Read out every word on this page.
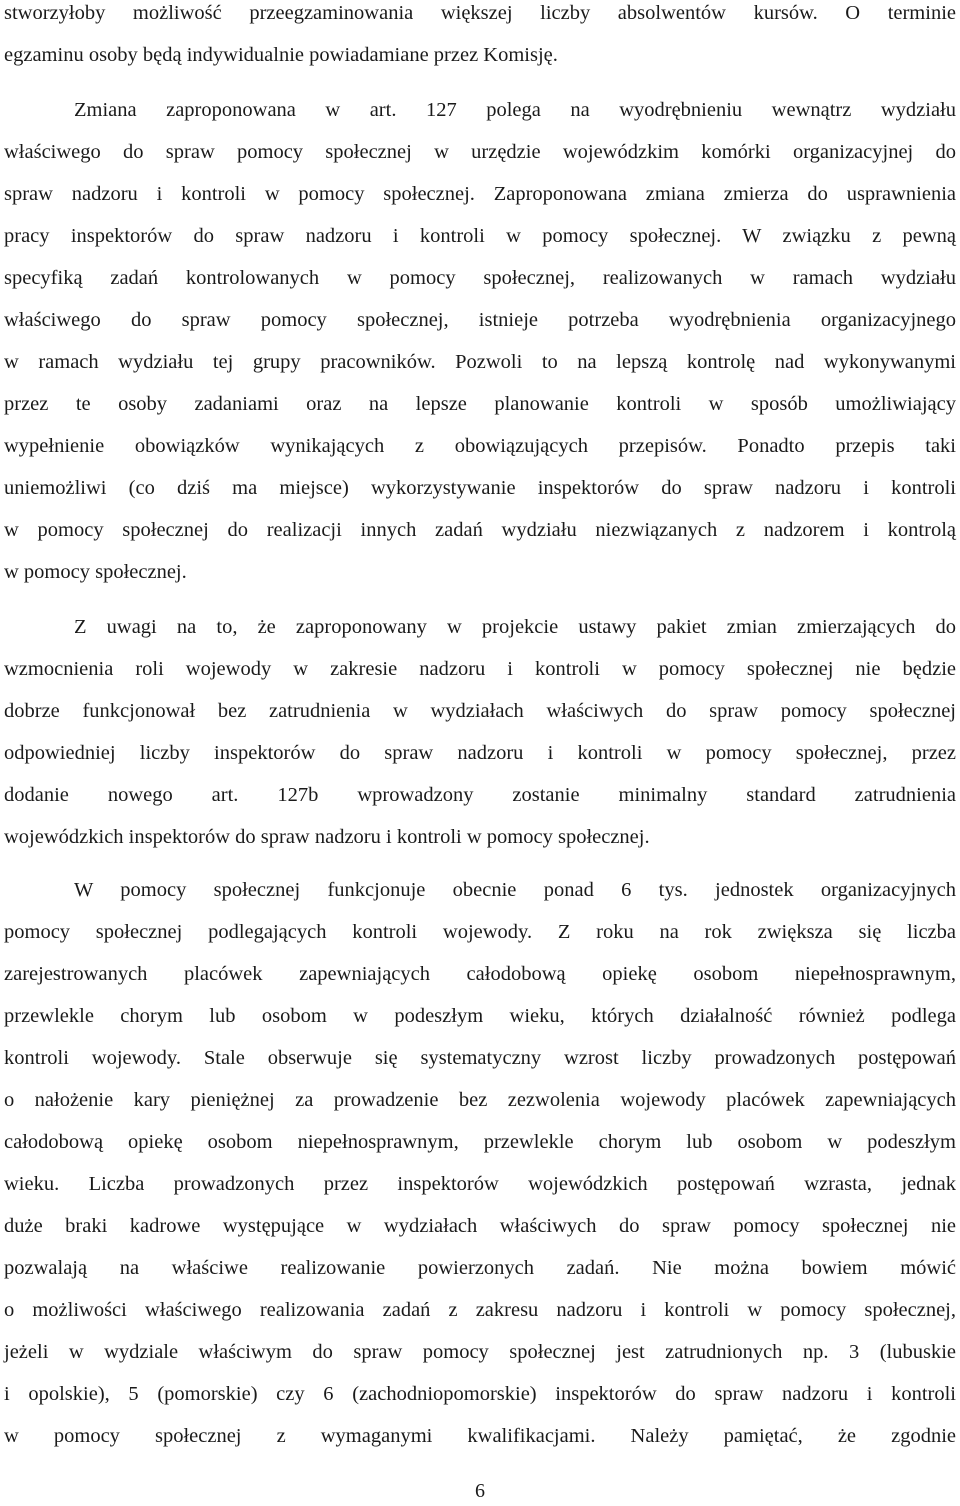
stworzyłoby możliwość przeegzaminowania większej liczby absolwentów kursów. O terminie
egzaminu osoby będą indywidualnie powiadamiane przez Komisję.
Zmiana zaproponowana w art. 127 polega na wyodrębnieniu wewnątrz wydziału
właściwego do spraw pomocy społecznej w urzędzie wojewódzkim komórki organizacyjnej do
spraw nadzoru i kontroli w pomocy społecznej. Zaproponowana zmiana zmierza do usprawnienia
pracy inspektorów do spraw nadzoru i kontroli w pomocy społecznej. W związku z pewną
specyfiką zadań kontrolowanych w pomocy społecznej, realizowanych w ramach wydziału
właściwego do spraw pomocy społecznej, istnieje potrzeba wyodrębnienia organizacyjnego
w ramach wydziału tej grupy pracowników. Pozwoli to na lepszą kontrolę nad wykonywanymi
przez te osoby zadaniami oraz na lepsze planowanie kontroli w sposób umożliwiający
wypełnienie obowiązków wynikających z obowiązujących przepisów. Ponadto przepis taki
uniemożliwi (co dziś ma miejsce) wykorzystywanie inspektorów do spraw nadzoru i kontroli
w pomocy społecznej do realizacji innych zadań wydziału niezwiązanych z nadzorem i kontrolą
w pomocy społecznej.
Z uwagi na to, że zaproponowany w projekcie ustawy pakiet zmian zmierzających do
wzmocnienia roli wojewody w zakresie nadzoru i kontroli w pomocy społecznej nie będzie
dobrze funkcjonował bez zatrudnienia w wydziałach właściwych do spraw pomocy społecznej
odpowiedniej liczby inspektorów do spraw nadzoru i kontroli w pomocy społecznej, przez
dodanie nowego art. 127b wprowadzony zostanie minimalny standard zatrudnienia
wojewódzkich inspektorów do spraw nadzoru i kontroli w pomocy społecznej.
W pomocy społecznej funkcjonuje obecnie ponad 6 tys. jednostek organizacyjnych
pomocy społecznej podlegających kontroli wojewody. Z roku na rok zwiększa się liczba
zarejestrowanych placówek zapewniających całodobową opiekę osobom niepełnosprawnym,
przewlekle chorym lub osobom w podeszłym wieku, których działalność również podlega
kontroli wojewody. Stale obserwuje się systematyczny wzrost liczby prowadzonych postępowań
o nałożenie kary pieniężnej za prowadzenie bez zezwolenia wojewody placówek zapewniających
całodobową opiekę osobom niepełnosprawnym, przewlekle chorym lub osobom w podeszłym
wieku. Liczba prowadzonych przez inspektorów wojewódzkich postępowań wzrasta, jednak
duże braki kadrowe występujące w wydziałach właściwych do spraw pomocy społecznej nie
pozwalają na właściwe realizowanie powierzonych zadań. Nie można bowiem mówić
o możliwości właściwego realizowania zadań z zakresu nadzoru i kontroli w pomocy społecznej,
jeżeli w wydziale właściwym do spraw pomocy społecznej jest zatrudnionych np. 3 (lubuskie
i opolskie), 5 (pomorskie) czy 6 (zachodniopomorskie) inspektorów do spraw nadzoru i kontroli
w pomocy społecznej z wymaganymi kwalifikacjami. Należy pamiętać, że zgodnie
6
